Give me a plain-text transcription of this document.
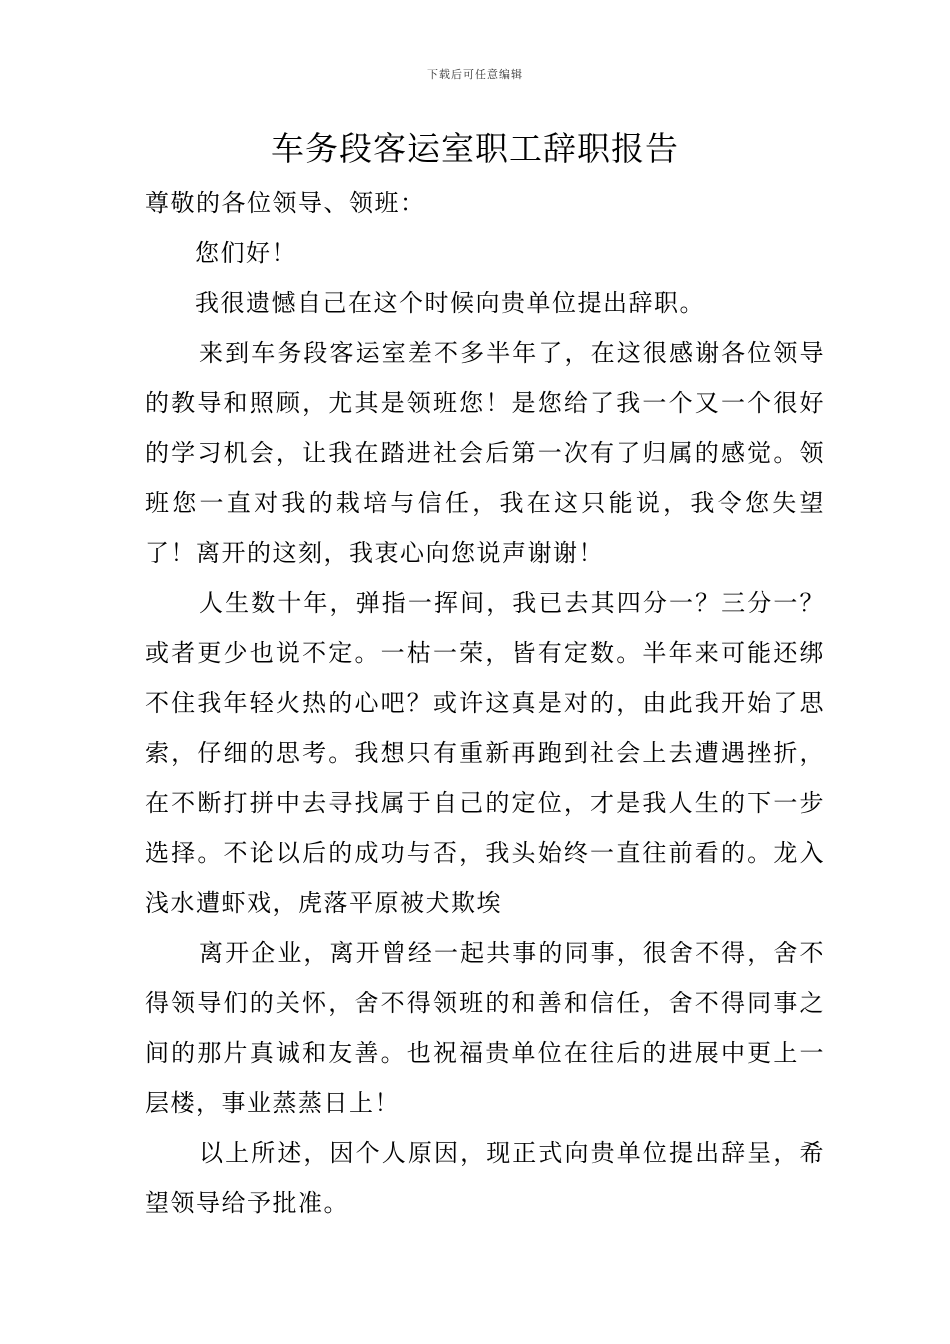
下载后可任意编辑
车务段客运室职工辞职报告

尊敬的各位领导、领班：

您们好！

我很遗憾自己在这个时候向贵单位提出辞职。

来到车务段客运室差不多半年了，在这很感谢各位领导的教导和照顾，尤其是领班您！是您给了我一个又一个很好的学习机会，让我在踏进社会后第一次有了归属的感觉。领班您一直对我的栽培与信任，我在这只能说，我令您失望了！离开的这刻，我衷心向您说声谢谢！

人生数十年，弹指一挥间，我已去其四分一？三分一？或者更少也说不定。一枯一荣，皆有定数。半年来可能还绑不住我年轻火热的心吧？或许这真是对的，由此我开始了思索，仔细的思考。我想只有重新再跑到社会上去遭遇挫折，在不断打拼中去寻找属于自己的定位，才是我人生的下一步选择。不论以后的成功与否，我头始终一直往前看的。龙入浅水遭虾戏，虎落平原被犬欺埃

离开企业，离开曾经一起共事的同事，很舍不得，舍不得领导们的关怀，舍不得领班的和善和信任，舍不得同事之间的那片真诚和友善。也祝福贵单位在往后的进展中更上一层楼，事业蒸蒸日上！

以上所述，因个人原因，现正式向贵单位提出辞呈，希望领导给予批准。
